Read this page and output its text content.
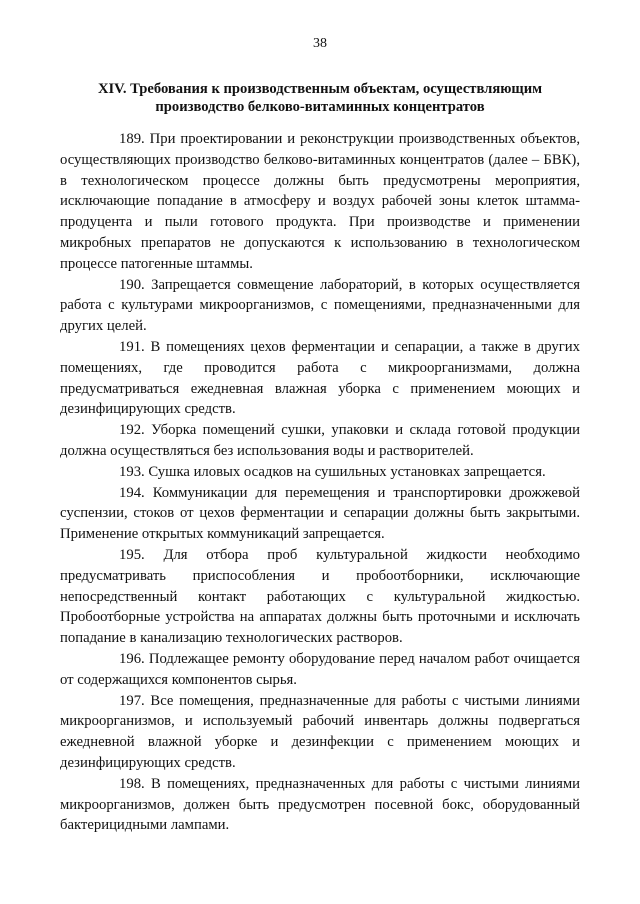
38
XIV. Требования к производственным объектам, осуществляющим
производство белково-витаминных концентратов

189. При проектировании и реконструкции производственных объектов, осуществляющих производство белково-витаминных концентратов (далее – БВК), в технологическом процессе должны быть предусмотрены мероприятия, исключающие попадание в атмосферу и воздух рабочей зоны клеток штамма-продуцента и пыли готового продукта. При производстве и применении микробных препаратов не допускаются к использованию в технологическом процессе патогенные штаммы.

190. Запрещается совмещение лабораторий, в которых осуществляется работа с культурами микроорганизмов, с помещениями, предназначенными для других целей.

191. В помещениях цехов ферментации и сепарации, а также в других помещениях, где проводится работа с микроорганизмами, должна предусматриваться ежедневная влажная уборка с применением моющих и дезинфицирующих средств.

192. Уборка помещений сушки, упаковки и склада готовой продукции должна осуществляться без использования воды и растворителей.

193. Сушка иловых осадков на сушильных установках запрещается.

194. Коммуникации для перемещения и транспортировки дрожжевой суспензии, стоков от цехов ферментации и сепарации должны быть закрытыми. Применение открытых коммуникаций запрещается.

195. Для отбора проб культуральной жидкости необходимо предусматривать приспособления и пробоотборники, исключающие непосредственный контакт работающих с культуральной жидкостью. Пробоотборные устройства на аппаратах должны быть проточными и исключать попадание в канализацию технологических растворов.

196. Подлежащее ремонту оборудование перед началом работ очищается от содержащихся компонентов сырья.

197. Все помещения, предназначенные для работы с чистыми линиями микроорганизмов, и используемый рабочий инвентарь должны подвергаться ежедневной влажной уборке и дезинфекции с применением моющих и дезинфицирующих средств.

198. В помещениях, предназначенных для работы с чистыми линиями микроорганизмов, должен быть предусмотрен посевной бокс, оборудованный бактерицидными лампами.
